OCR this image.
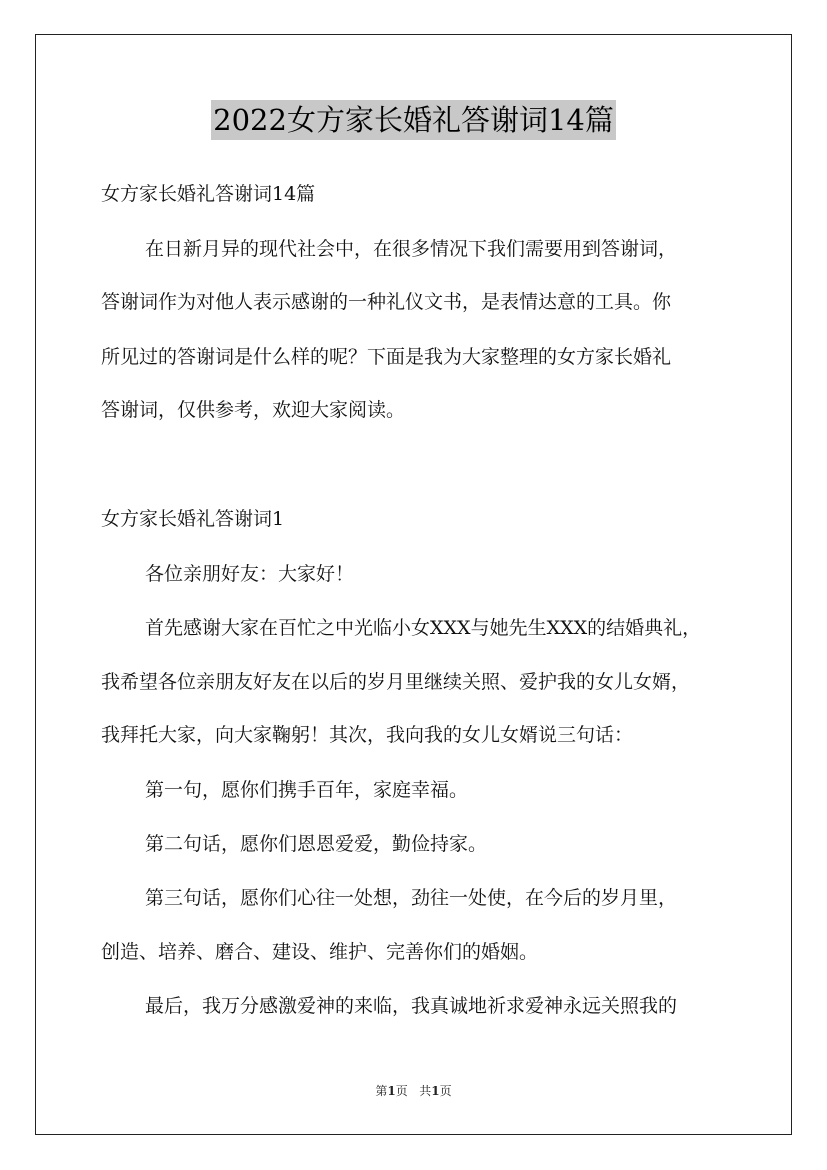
2022女方家长婚礼答谢词14篇
女方家长婚礼答谢词14篇
在日新月异的现代社会中，在很多情况下我们需要用到答谢词，
答谢词作为对他人表示感谢的一种礼仪文书，是表情达意的工具。你
所见过的答谢词是什么样的呢？下面是我为大家整理的女方家长婚礼
答谢词，仅供参考，欢迎大家阅读。
女方家长婚礼答谢词1
各位亲朋好友：大家好！
首先感谢大家在百忙之中光临小女XXX与她先生XXX的结婚典礼，
我希望各位亲朋友好友在以后的岁月里继续关照、爱护我的女儿女婿，
我拜托大家，向大家鞠躬！其次，我向我的女儿女婿说三句话：
第一句，愿你们携手百年，家庭幸福。
第二句话，愿你们恩恩爱爱，勤俭持家。
第三句话，愿你们心往一处想，劲往一处使，在今后的岁月里，
创造、培养、磨合、建设、维护、完善你们的婚姻。
最后，我万分感激爱神的来临，我真诚地祈求爱神永远关照我的
第1页 共1页
